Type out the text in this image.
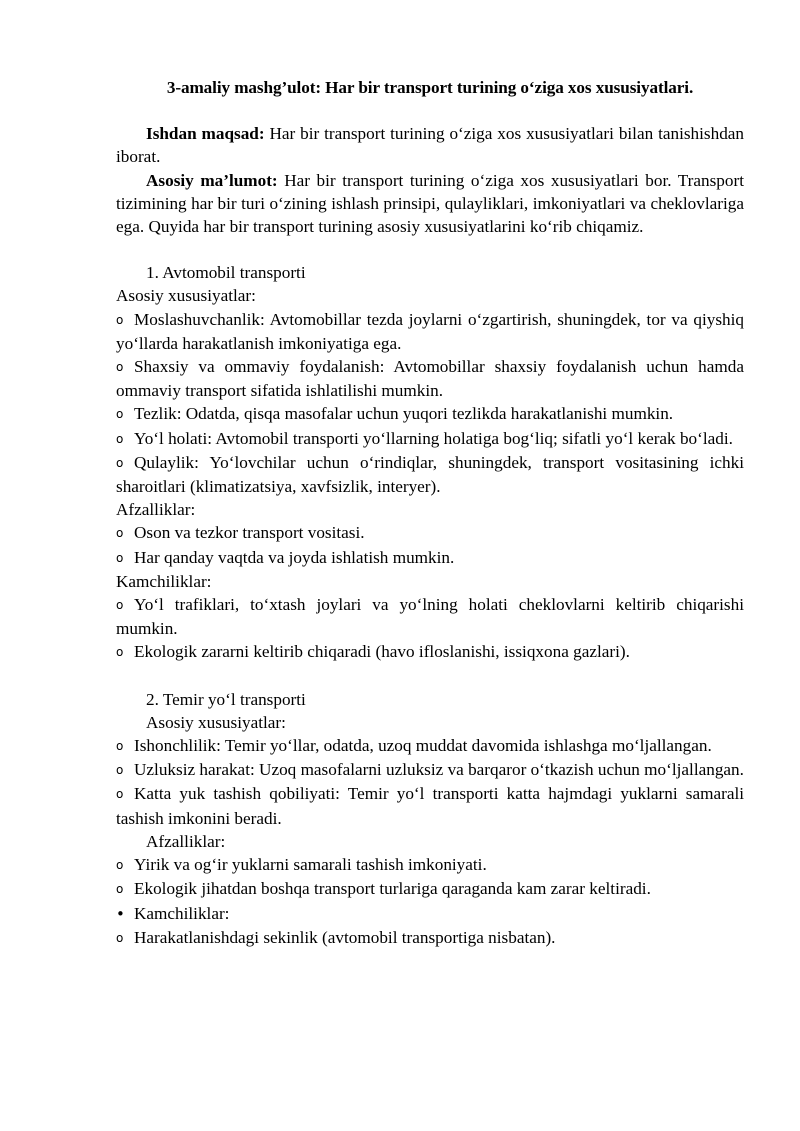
3-amaliy mashg’ulot: Har bir transport turining o‘ziga xos xususiyatlari.

Ishdan maqsad: Har bir transport turining o‘ziga xos xususiyatlari bilan tanishishdan iborat.

Asosiy ma’lumot: Har bir transport turining o‘ziga xos xususiyatlari bor. Transport tizimining har bir turi o‘zining ishlash prinsipi, qulayliklari, imkoniyatlari va cheklovlariga ega. Quyida har bir transport turining asosiy xususiyatlarini ko‘rib chiqamiz.

1. Avtomobil transporti

Asosiy xususiyatlar:

o Moslashuvchanlik: Avtomobillar tezda joylarni o‘zgartirish, shuningdek, tor va qiyshiq yo‘llarda harakatlanish imkoniyatiga ega.

o Shaxsiy va ommaviy foydalanish: Avtomobillar shaxsiy foydalanish uchun hamda ommaviy transport sifatida ishlatilishi mumkin.

o Tezlik: Odatda, qisqa masofalar uchun yuqori tezlikda harakatlanishi mumkin.

o Yo‘l holati: Avtomobil transporti yo‘llarning holatiga bog‘liq; sifatli yo‘l kerak bo‘ladi.

o Qulaylik: Yo‘lovchilar uchun o‘rindiqlar, shuningdek, transport vositasining ichki sharoitlari (klimatizatsiya, xavfsizlik, interyer).

Afzalliklar:

o Oson va tezkor transport vositasi.

o Har qanday vaqtda va joyda ishlatish mumkin.

Kamchiliklar:

o Yo‘l trafiklari, to‘xtash joylari va yo‘lning holati cheklovlarni keltirib chiqarishi mumkin.

o Ekologik zararni keltirib chiqaradi (havo ifloslanishi, issiqxona gazlari).

2. Temir yo‘l transporti

Asosiy xususiyatlar:

o Ishonchlilik: Temir yo‘llar, odatda, uzoq muddat davomida ishlashga mo‘ljallangan.

o Uzluksiz harakat: Uzoq masofalarni uzluksiz va barqaror o‘tkazish uchun mo‘ljallangan.

o Katta yuk tashish qobiliyati: Temir yo‘l transporti katta hajmdagi yuklarni samarali tashish imkonini beradi.

Afzalliklar:

o Yirik va og‘ir yuklarni samarali tashish imkoniyati.

o Ekologik jihatdan boshqa transport turlariga qaraganda kam zarar keltiradi.

• Kamchiliklar:

o Harakatlanishdagi sekinlik (avtomobil transportiga nisbatan).
